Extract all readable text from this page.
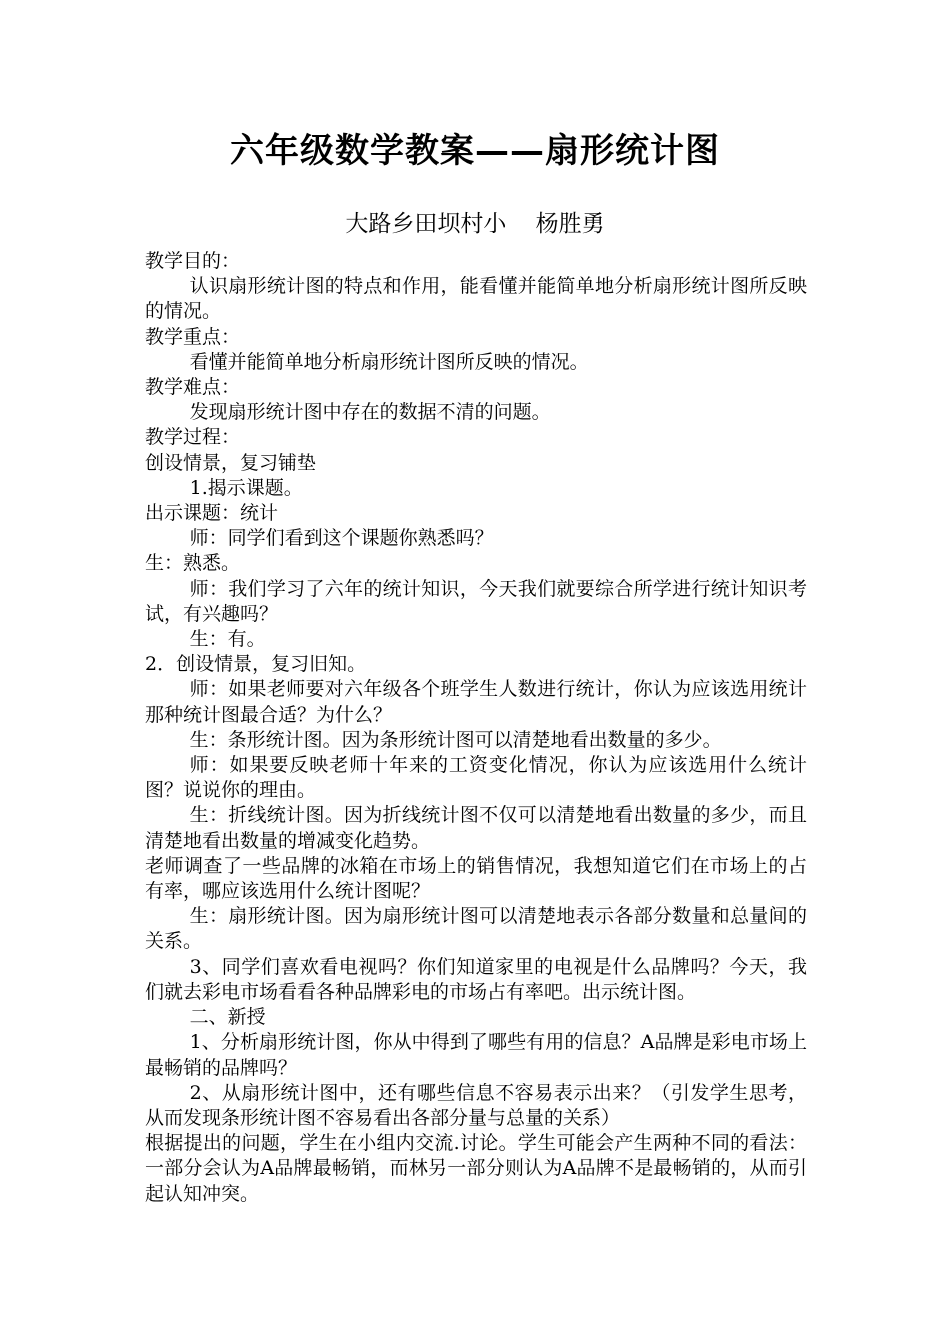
六年级数学教案——扇形统计图
大路乡田坝村小    杨胜勇

教学目的：

认识扇形统计图的特点和作用，能看懂并能简单地分析扇形统计图所反映的情况。

教学重点：

看懂并能简单地分析扇形统计图所反映的情况。

教学难点：

发现扇形统计图中存在的数据不清的问题。

教学过程：

创设情景，复习铺垫

1.揭示课题。

出示课题：统计

师：同学们看到这个课题你熟悉吗？

生：熟悉。

师：我们学习了六年的统计知识，今天我们就要综合所学进行统计知识考试，有兴趣吗？

生：有。

2．创设情景，复习旧知。

师：如果老师要对六年级各个班学生人数进行统计，你认为应该选用统计那种统计图最合适？为什么？

生：条形统计图。因为条形统计图可以清楚地看出数量的多少。

师：如果要反映老师十年来的工资变化情况，你认为应该选用什么统计图？说说你的理由。

生：折线统计图。因为折线统计图不仅可以清楚地看出数量的多少，而且清楚地看出数量的增减变化趋势。

老师调查了一些品牌的冰箱在市场上的销售情况，我想知道它们在市场上的占有率，哪应该选用什么统计图呢？

生：扇形统计图。因为扇形统计图可以清楚地表示各部分数量和总量间的关系。

3、同学们喜欢看电视吗？你们知道家里的电视是什么品牌吗？今天，我们就去彩电市场看看各种品牌彩电的市场占有率吧。出示统计图。

二、新授

1、分析扇形统计图，你从中得到了哪些有用的信息？A品牌是彩电市场上最畅销的品牌吗？

2、从扇形统计图中，还有哪些信息不容易表示出来？（引发学生思考，从而发现条形统计图不容易看出各部分量与总量的关系）

根据提出的问题，学生在小组内交流.讨论。学生可能会产生两种不同的看法：一部分会认为A品牌最畅销，而林另一部分则认为A品牌不是最畅销的，从而引起认知冲突。
